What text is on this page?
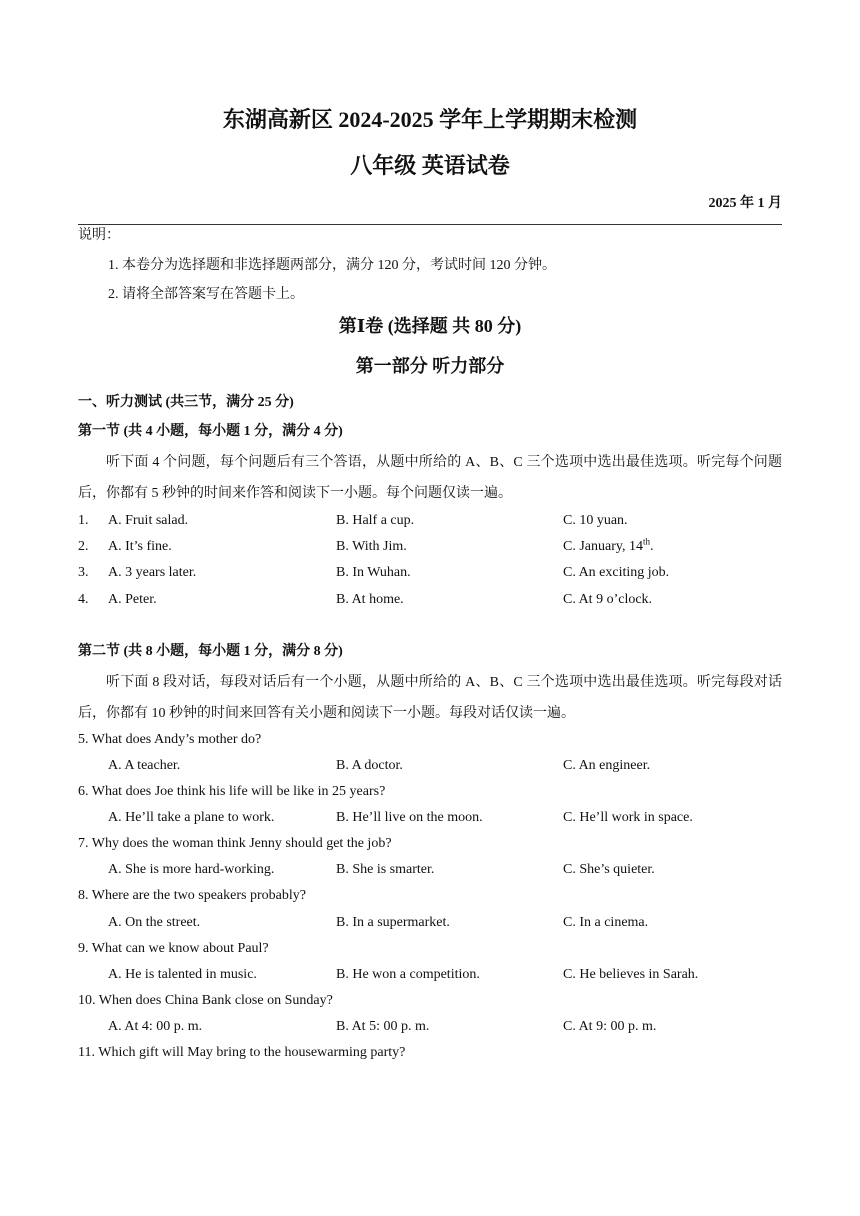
东湖高新区 2024-2025 学年上学期期末检测
八年级 英语试卷
2025 年 1 月
说明：
1. 本卷分为选择题和非选择题两部分，满分 120 分，考试时间 120 分钟。
2. 请将全部答案写在答题卡上。
第Ⅰ卷 (选择题 共 80 分)
第一部分 听力部分
一、听力测试 (共三节，满分 25 分)
第一节 (共 4 小题，每小题 1 分，满分 4 分)
听下面 4 个问题，每个问题后有三个答语，从题中所给的 A、B、C 三个选项中选出最佳选项。听完每个问题后，你都有 5 秒钟的时间来作答和阅读下一小题。每个问题仅读一遍。
1. A. Fruit salad.	B. Half a cup.	C. 10 yuan.
2. A. It’s fine.	B. With Jim.	C. January, 14th.
3. A. 3 years later.	B. In Wuhan.	C. An exciting job.
4. A. Peter.	B. At home.	C. At 9 o’clock.
第二节 (共 8 小题，每小题 1 分，满分 8 分)
听下面 8 段对话，每段对话后有一个小题，从题中所给的 A、B、C 三个选项中选出最佳选项。听完每段对话后，你都有 10 秒钟的时间来回答有关小题和阅读下一小题。每段对话仅读一遍。
5. What does Andy’s mother do?
A. A teacher.	B. A doctor.	C. An engineer.
6. What does Joe think his life will be like in 25 years?
A. He’ll take a plane to work.	B. He’ll live on the moon.	C. He’ll work in space.
7. Why does the woman think Jenny should get the job?
A. She is more hard-working.	B. She is smarter.	C. She’s quieter.
8. Where are the two speakers probably?
A. On the street.	B. In a supermarket.	C. In a cinema.
9. What can we know about Paul?
A. He is talented in music.	B. He won a competition.	C. He believes in Sarah.
10. When does China Bank close on Sunday?
A. At 4: 00 p. m.	B. At 5: 00 p. m.	C. At 9: 00 p. m.
11. Which gift will May bring to the housewarming party?
